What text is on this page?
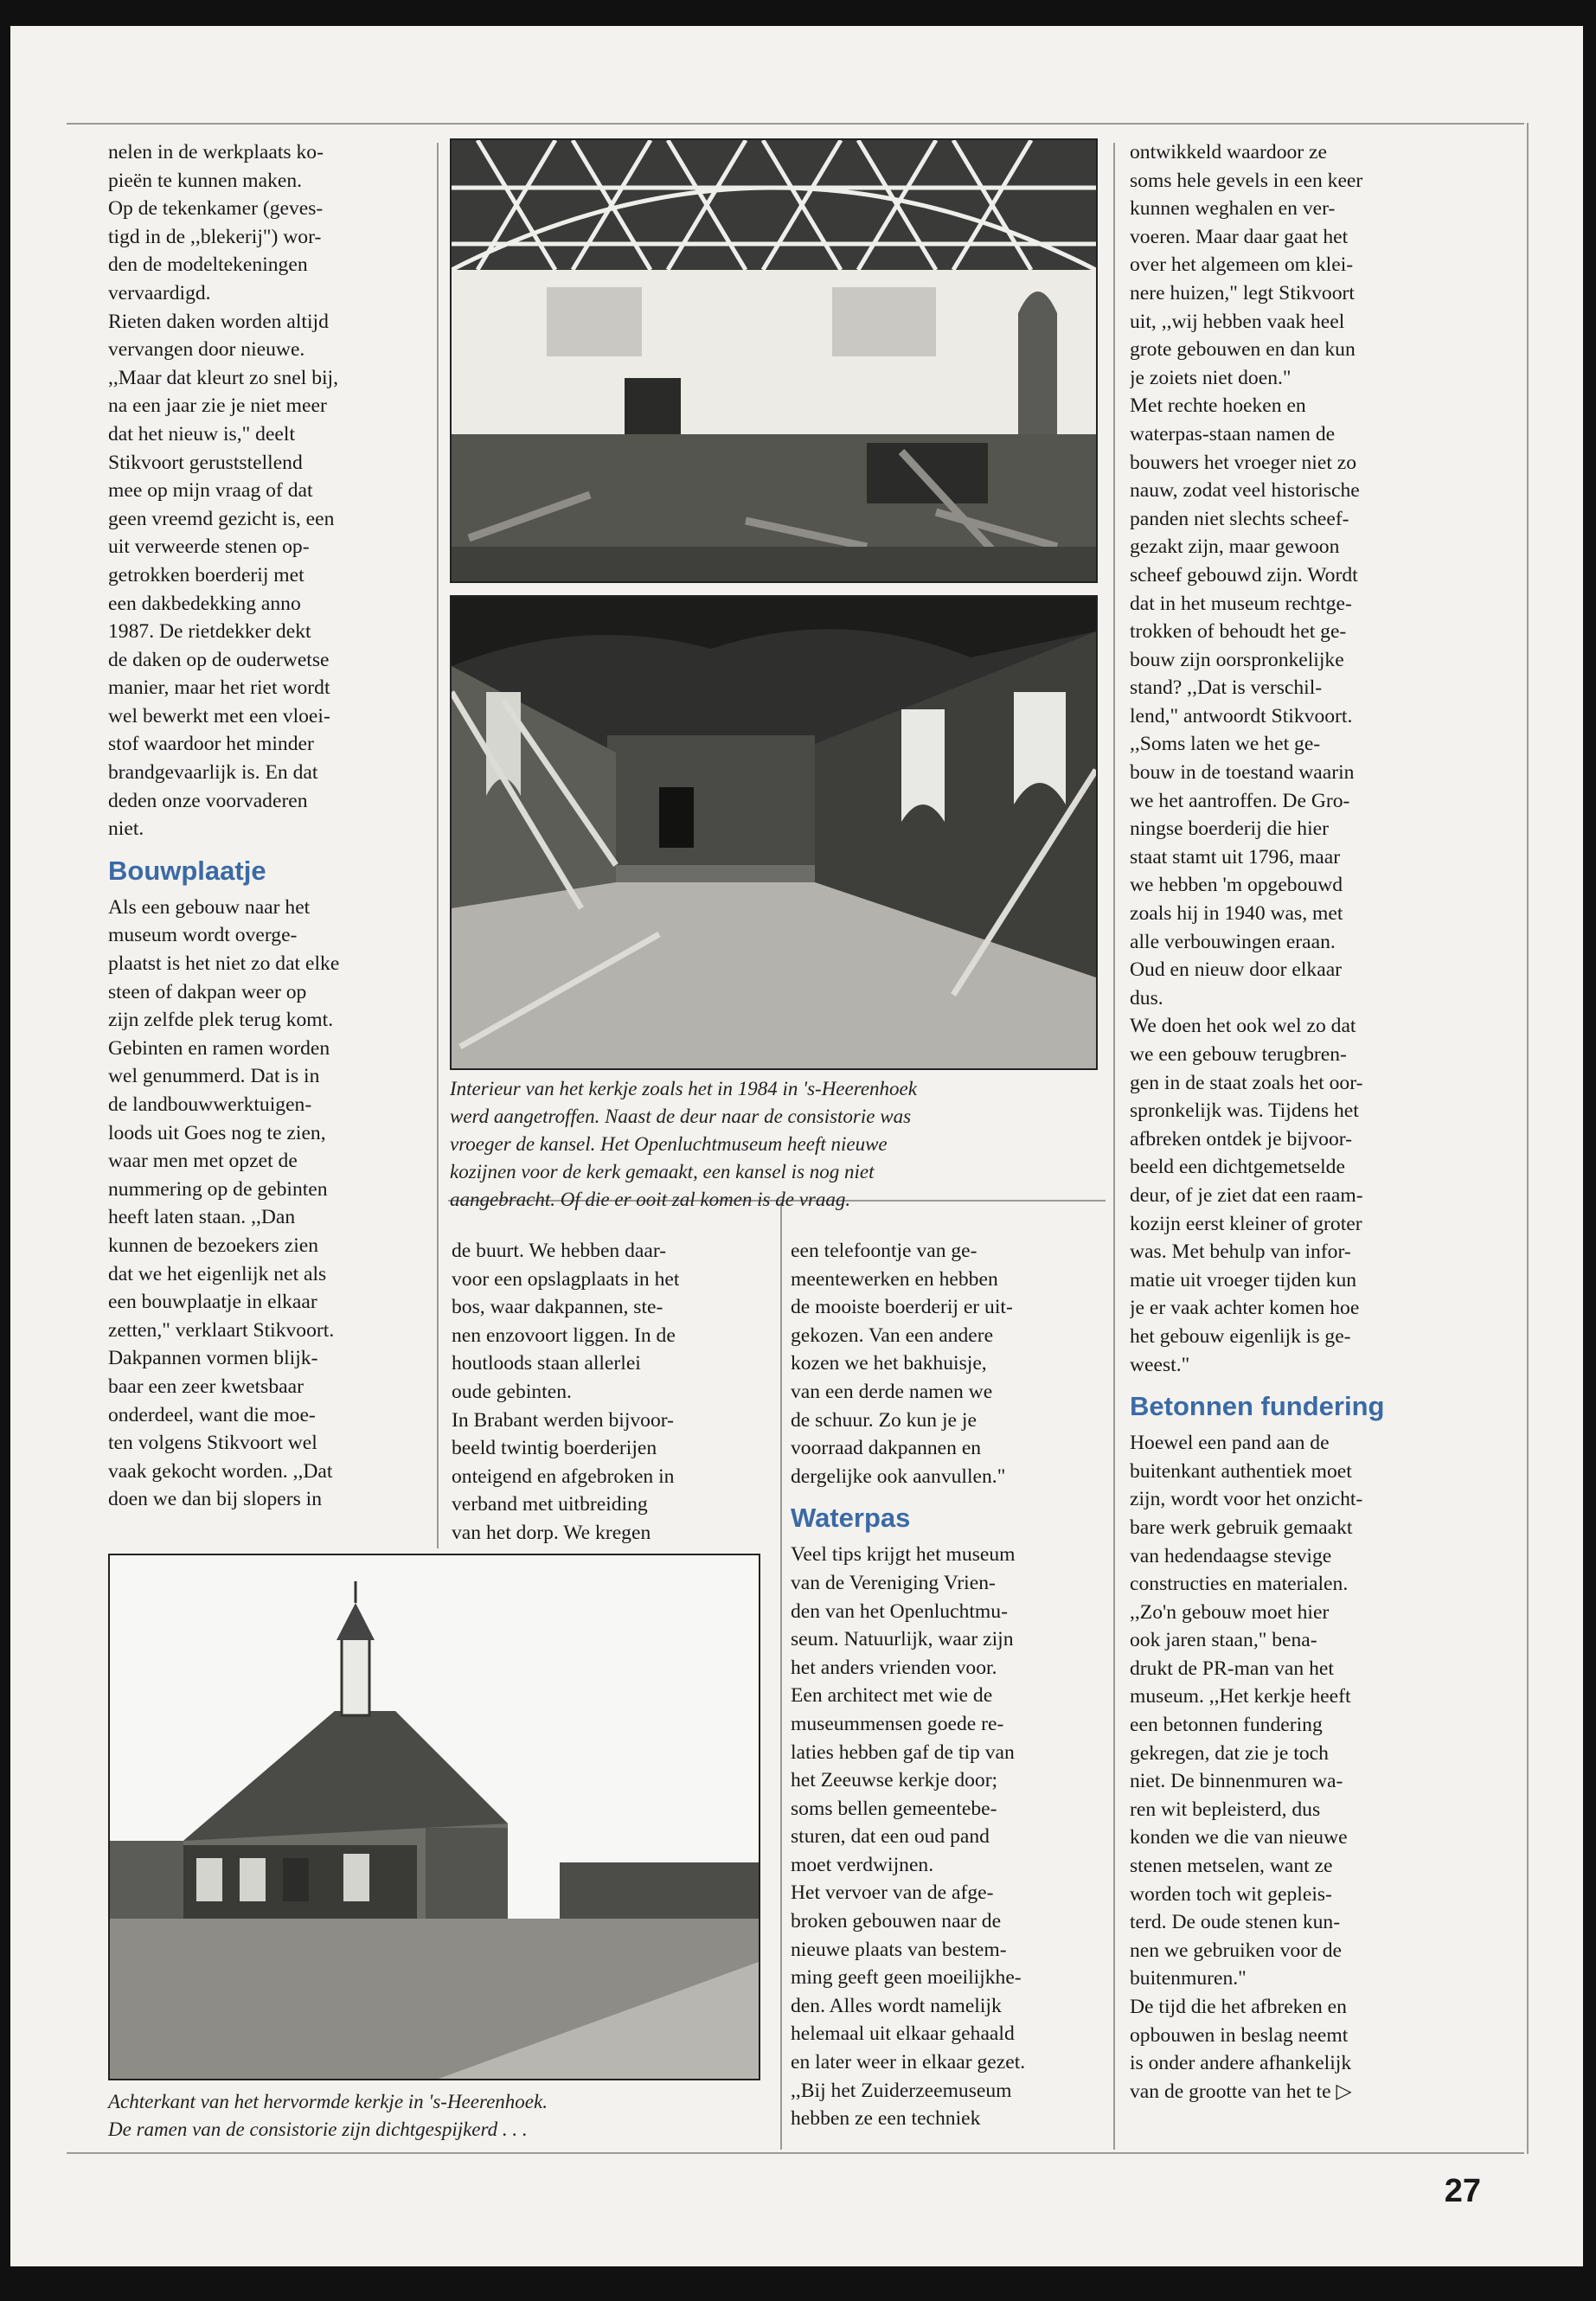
nelen in de werkplaats ko-
pieën te kunnen maken.
Op de tekenkamer (geves-
tigd in de ,,blekerij") wor-
den de modeltekeningen
vervaardigd.
Rieten daken worden altijd
vervangen door nieuwe.
,,Maar dat kleurt zo snel bij,
na een jaar zie je niet meer
dat het nieuw is," deelt
Stikvoort geruststellend
mee op mijn vraag of dat
geen vreemd gezicht is, een
uit verweerde stenen op-
getrokken boerderij met
een dakbedekking anno
1987. De rietdekker dekt
de daken op de ouderwetse
manier, maar het riet wordt
wel bewerkt met een vloei-
stof waardoor het minder
brandgevaarlijk is. En dat
deden onze voorvaderen
niet.
Bouwplaatje
Als een gebouw naar het
museum wordt overge-
plaatst is het niet zo dat elke
steen of dakpan weer op
zijn zelfde plek terug komt.
Gebinten en ramen worden
wel genummerd. Dat is in
de landbouwwerktuigen-
loods uit Goes nog te zien,
waar men met opzet de
nummering op de gebinten
heeft laten staan. ,,Dan
kunnen de bezoekers zien
dat we het eigenlijk net als
een bouwplaatje in elkaar
zetten," verklaart Stikvoort.
Dakpannen vormen blijk-
baar een zeer kwetsbaar
onderdeel, want die moe-
ten volgens Stikvoort wel
vaak gekocht worden. ,,Dat
doen we dan bij slopers in
Interieur van het kerkje zoals het in 1984 in 's-Heerenhoek
werd aangetroffen. Naast de deur naar de consistorie was
vroeger de kansel. Het Openluchtmuseum heeft nieuwe
kozijnen voor de kerk gemaakt, een kansel is nog niet
aangebracht. Of die er ooit zal komen is de vraag.
de buurt. We hebben daar-
voor een opslagplaats in het
bos, waar dakpannen, ste-
nen enzovoort liggen. In de
houtloods staan allerlei
oude gebinten.
In Brabant werden bijvoor-
beeld twintig boerderijen
onteigend en afgebroken in
verband met uitbreiding
van het dorp. We kregen
een telefoontje van ge-
meentewerken en hebben
de mooiste boerderij er uit-
gekozen. Van een andere
kozen we het bakhuisje,
van een derde namen we
de schuur. Zo kun je je
voorraad dakpannen en
dergelijke ook aanvullen."
Waterpas
Veel tips krijgt het museum
van de Vereniging Vrien-
den van het Openluchtmu-
seum. Natuurlijk, waar zijn
het anders vrienden voor.
Een architect met wie de
museummensen goede re-
laties hebben gaf de tip van
het Zeeuwse kerkje door;
soms bellen gemeentebe-
sturen, dat een oud pand
moet verdwijnen.
Het vervoer van de afge-
broken gebouwen naar de
nieuwe plaats van bestem-
ming geeft geen moeilijkhe-
den. Alles wordt namelijk
helemaal uit elkaar gehaald
en later weer in elkaar gezet.
,,Bij het Zuiderzeemuseum
hebben ze een techniek
ontwikkeld waardoor ze
soms hele gevels in een keer
kunnen weghalen en ver-
voeren. Maar daar gaat het
over het algemeen om klei-
nere huizen," legt Stikvoort
uit, ,,wij hebben vaak heel
grote gebouwen en dan kun
je zoiets niet doen."
Met rechte hoeken en
waterpas-staan namen de
bouwers het vroeger niet zo
nauw, zodat veel historische
panden niet slechts scheef-
gezakt zijn, maar gewoon
scheef gebouwd zijn. Wordt
dat in het museum rechtge-
trokken of behoudt het ge-
bouw zijn oorspronkelijke
stand? ,,Dat is verschil-
lend," antwoordt Stikvoort.
,,Soms laten we het ge-
bouw in de toestand waarin
we het aantroffen. De Gro-
ningse boerderij die hier
staat stamt uit 1796, maar
we hebben 'm opgebouwd
zoals hij in 1940 was, met
alle verbouwingen eraan.
Oud en nieuw door elkaar
dus.
We doen het ook wel zo dat
we een gebouw terugbren-
gen in de staat zoals het oor-
spronkelijk was. Tijdens het
afbreken ontdek je bijvoor-
beeld een dichtgemetselde
deur, of je ziet dat een raam-
kozijn eerst kleiner of groter
was. Met behulp van infor-
matie uit vroeger tijden kun
je er vaak achter komen hoe
het gebouw eigenlijk is ge-
weest."
Betonnen fundering
Hoewel een pand aan de
buitenkant authentiek moet
zijn, wordt voor het onzicht-
bare werk gebruik gemaakt
van hedendaagse stevige
constructies en materialen.
,,Zo'n gebouw moet hier
ook jaren staan," bena-
drukt de PR-man van het
museum. ,,Het kerkje heeft
een betonnen fundering
gekregen, dat zie je toch
niet. De binnenmuren wa-
ren wit bepleisterd, dus
konden we die van nieuwe
stenen metselen, want ze
worden toch wit gepleis-
terd. De oude stenen kun-
nen we gebruiken voor de
buitenmuren."
De tijd die het afbreken en
opbouwen in beslag neemt
is onder andere afhankelijk
van de grootte van het te ▷
Achterkant van het hervormde kerkje in 's-Heerenhoek.
De ramen van de consistorie zijn dichtgespijkerd . . .
27
